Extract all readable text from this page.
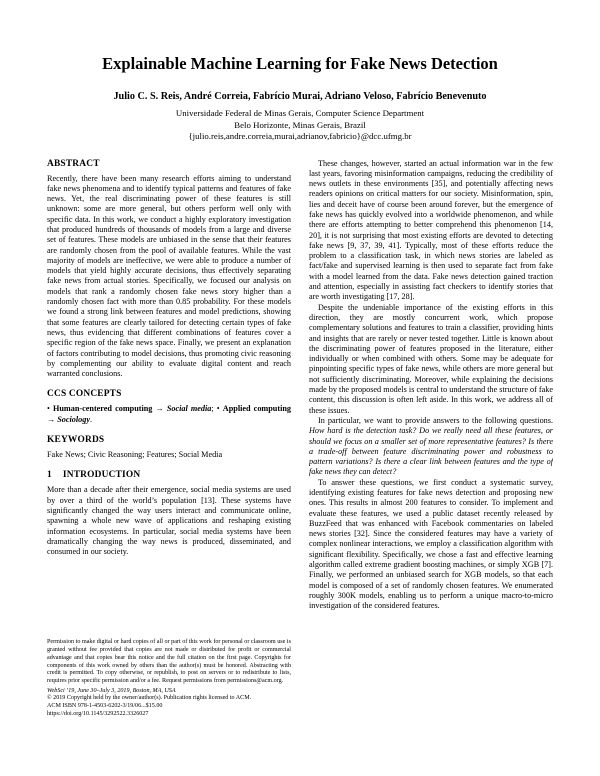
Explainable Machine Learning for Fake News Detection
Julio C. S. Reis, André Correia, Fabrício Murai, Adriano Veloso, Fabrício Benevenuto
Universidade Federal de Minas Gerais, Computer Science Department
Belo Horizonte, Minas Gerais, Brazil
{julio.reis,andre.correia,murai,adrianov,fabricio}@dcc.ufmg.br
ABSTRACT

Recently, there have been many research efforts aiming to understand fake news phenomena and to identify typical patterns and features of fake news. Yet, the real discriminating power of these features is still unknown: some are more general, but others perform well only with specific data. In this work, we conduct a highly exploratory investigation that produced hundreds of thousands of models from a large and diverse set of features. These models are unbiased in the sense that their features are randomly chosen from the pool of available features. While the vast majority of models are ineffective, we were able to produce a number of models that yield highly accurate decisions, thus effectively separating fake news from actual stories. Specifically, we focused our analysis on models that rank a randomly chosen fake news story higher than a randomly chosen fact with more than 0.85 probability. For these models we found a strong link between features and model predictions, showing that some features are clearly tailored for detecting certain types of fake news, thus evidencing that different combinations of features cover a specific region of the fake news space. Finally, we present an explanation of factors contributing to model decisions, thus promoting civic reasoning by complementing our ability to evaluate digital content and reach warranted conclusions.

CCS CONCEPTS

• Human-centered computing → Social media; • Applied computing → Sociology.

KEYWORDS

Fake News; Civic Reasoning; Features; Social Media

1 INTRODUCTION

More than a decade after their emergence, social media systems are used by over a third of the world’s population [13]. These systems have significantly changed the way users interact and communicate online, spawning a whole new wave of applications and reshaping existing information ecosystems. In particular, social media systems have been dramatically changing the way news is produced, disseminated, and consumed in our society.

Permission to make digital or hard copies of all or part of this work for personal or classroom use is granted without fee provided that copies are not made or distributed for profit or commercial advantage and that copies bear this notice and the full citation on the first page. Copyrights for components of this work owned by others than the author(s) must be honored. Abstracting with credit is permitted. To copy otherwise, or republish, to post on servers or to redistribute to lists, requires prior specific permission and/or a fee. Request permissions from permissions@acm.org.

WebSci ’19, June 30–July 3, 2019, Boston, MA, USA

© 2019 Copyright held by the owner/author(s). Publication rights licensed to ACM.

ACM ISBN 978-1-4503-6202-3/19/06...$15.00

https://doi.org/10.1145/3292522.3326027

These changes, however, started an actual information war in the few last years, favoring misinformation campaigns, reducing the credibility of news outlets in these environments [35], and potentially affecting news readers opinions on critical matters for our society. Misinformation, spin, lies and deceit have of course been around forever, but the emergence of fake news has quickly evolved into a worldwide phenomenon, and while there are efforts attempting to better comprehend this phenomenon [14, 20], it is not surprising that most existing efforts are devoted to detecting fake news [9, 37, 39, 41]. Typically, most of these efforts reduce the problem to a classification task, in which news stories are labeled as fact/fake and supervised learning is then used to separate fact from fake with a model learned from the data. Fake news detection gained traction and attention, especially in assisting fact checkers to identify stories that are worth investigating [17, 28].

Despite the undeniable importance of the existing efforts in this direction, they are mostly concurrent work, which propose complementary solutions and features to train a classifier, providing hints and insights that are rarely or never tested together. Little is known about the discriminating power of features proposed in the literature, either individually or when combined with others. Some may be adequate for pinpointing specific types of fake news, while others are more general but not sufficiently discriminating. Moreover, while explaining the decisions made by the proposed models is central to understand the structure of fake content, this discussion is often left aside. In this work, we address all of these issues.

In particular, we want to provide answers to the following questions. How hard is the detection task? Do we really need all these features, or should we focus on a smaller set of more representative features? Is there a trade-off between feature discriminating power and robustness to pattern variations? Is there a clear link between features and the type of fake news they can detect?

To answer these questions, we first conduct a systematic survey, identifying existing features for fake news detection and proposing new ones. This results in almost 200 features to consider. To implement and evaluate these features, we used a public dataset recently released by BuzzFeed that was enhanced with Facebook commentaries on labeled news stories [32]. Since the considered features may have a variety of complex nonlinear interactions, we employ a classification algorithm with significant flexibility. Specifically, we chose a fast and effective learning algorithm called extreme gradient boosting machines, or simply XGB [7]. Finally, we performed an unbiased search for XGB models, so that each model is composed of a set of randomly chosen features. We enumerated roughly 300K models, enabling us to perform a unique macro-to-micro investigation of the considered features.
